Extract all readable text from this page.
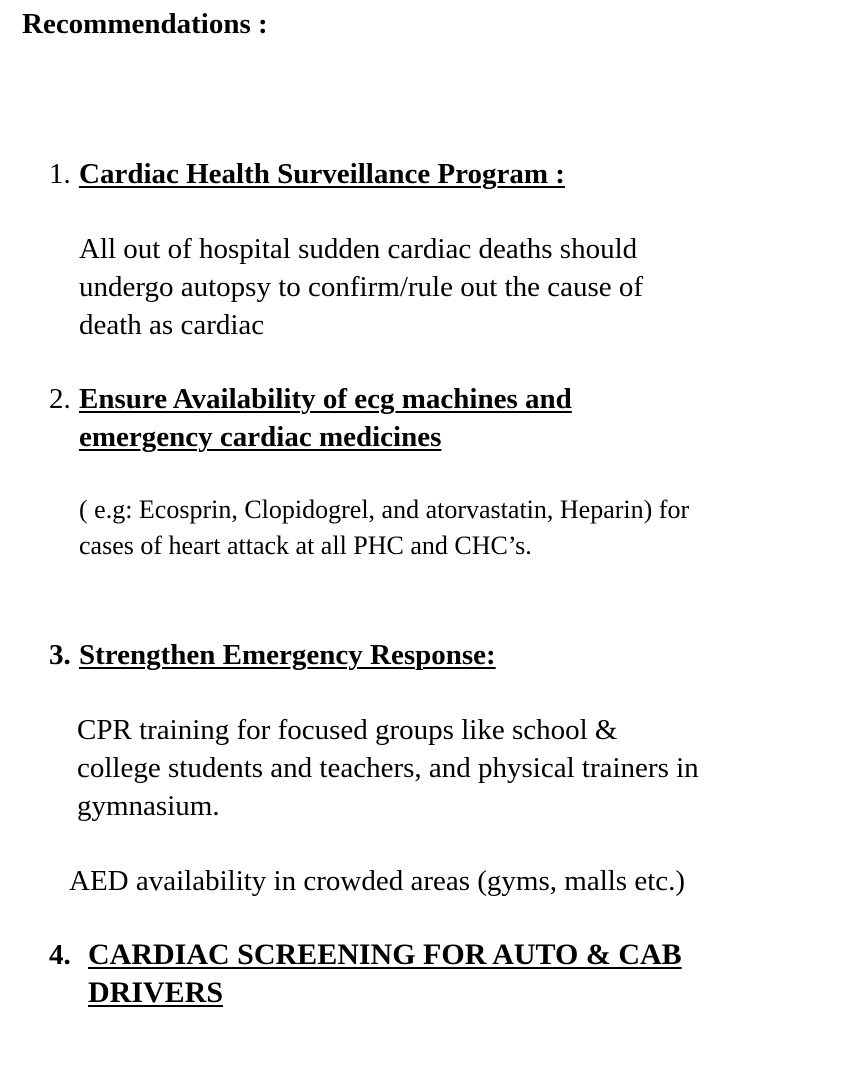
Recommendations :
1. Cardiac Health Surveillance Program :
All out of hospital sudden cardiac deaths should
undergo autopsy to confirm/rule out the cause of
death as cardiac
2. Ensure Availability of ecg machines and
emergency cardiac medicines
( e.g: Ecosprin, Clopidogrel, and atorvastatin, Heparin) for
cases of heart attack at all PHC and CHC’s.
3. Strengthen Emergency Response:
CPR training for focused groups like school &
college students and teachers, and physical trainers in
gymnasium.
AED availability in crowded areas (gyms, malls etc.)
4. CARDIAC SCREENING FOR AUTO & CAB
DRIVERS
